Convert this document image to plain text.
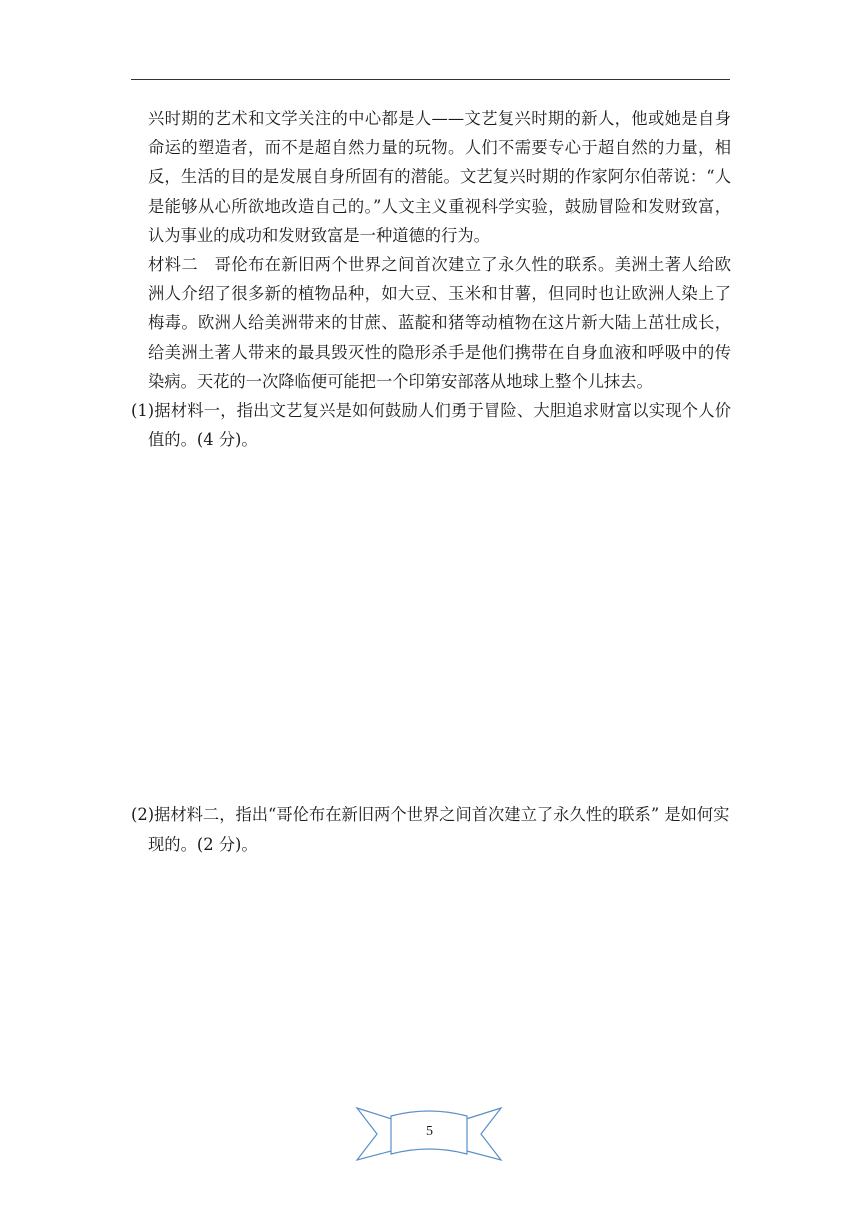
兴时期的艺术和文学关注的中心都是人——文艺复兴时期的新人，他或她是自身命运的塑造者，而不是超自然力量的玩物。人们不需要专心于超自然的力量，相反，生活的目的是发展自身所固有的潜能。文艺复兴时期的作家阿尔伯蒂说：“人是能够从心所欲地改造自己的。”人文主义重视科学实验，鼓励冒险和发财致富，认为事业的成功和发财致富是一种道德的行为。

材料二　哥伦布在新旧两个世界之间首次建立了永久性的联系。美洲土著人给欧洲人介绍了很多新的植物品种，如大豆、玉米和甘薯，但同时也让欧洲人染上了梅毒。欧洲人给美洲带来的甘蔗、蓝靛和猪等动植物在这片新大陆上茁壮成长，给美洲土著人带来的最具毁灭性的隐形杀手是他们携带在自身血液和呼吸中的传染病。天花的一次降临便可能把一个印第安部落从地球上整个儿抹去。

(1)据材料一，指出文艺复兴是如何鼓励人们勇于冒险、大胆追求财富以实现个人价值的。(4 分)。

(2)据材料二，指出“哥伦布在新旧两个世界之间首次建立了永久性的联系” 是如何实现的。(2 分)。

5
